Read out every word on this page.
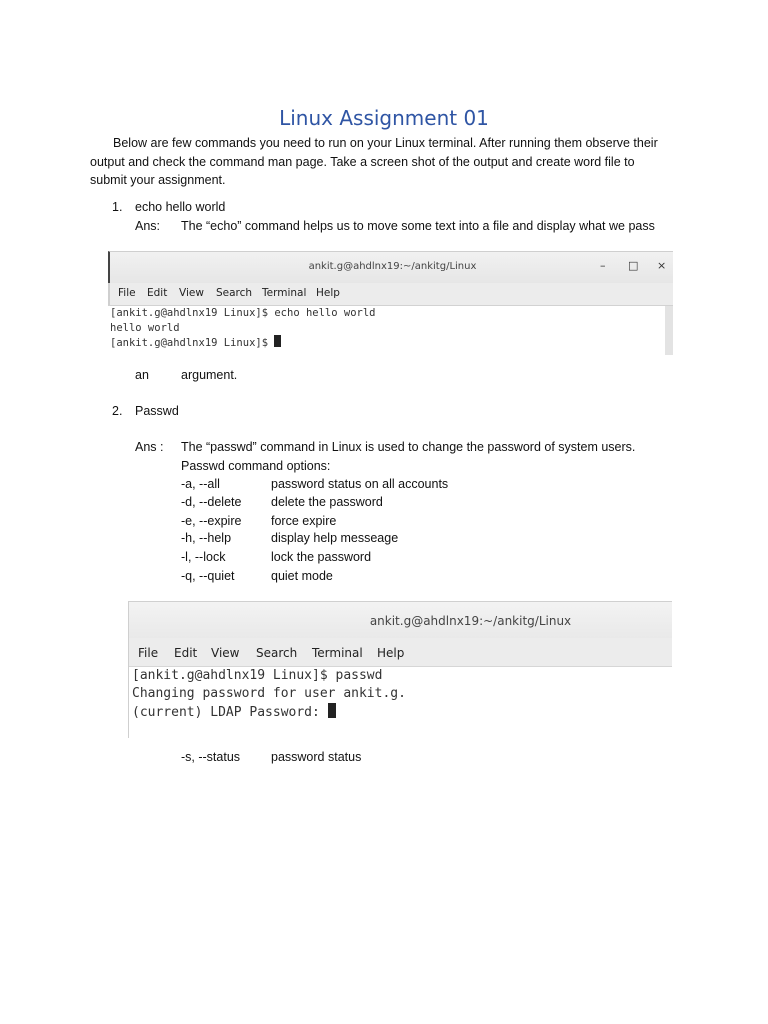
Linux Assignment 01
Below are few commands you need to run on your Linux terminal. After running them observe their
output and check the command man page. Take a screen shot of the output and create word file to
submit your assignment.
1. echo hello world
Ans: The “echo” command helps us to move some text into a file and display what we pass
ankit.g@ahdlnx19:~/ankitg/Linux	– □ ×
File Edit View Search Terminal Help
[ankit.g@ahdlnx19 Linux]$ echo hello world
hello world
[ankit.g@ahdlnx19 Linux]$
an	argument.
2. Passwd
Ans : The “passwd” command in Linux is used to change the password of system users.
Passwd command options:
-a, --all	password status on all accounts
-d, --delete delete the password
-e, --expire force expire
-h, --help	display help messeage
-l, --lock	lock the password
-q, --quiet	quiet mode
ankit.g@ahdlnx19:~/ankitg/Linux
File Edit View Search Terminal Help
[ankit.g@ahdlnx19 Linux]$ passwd
Changing password for user ankit.g.
(current) LDAP Password:
-s, --status password status
